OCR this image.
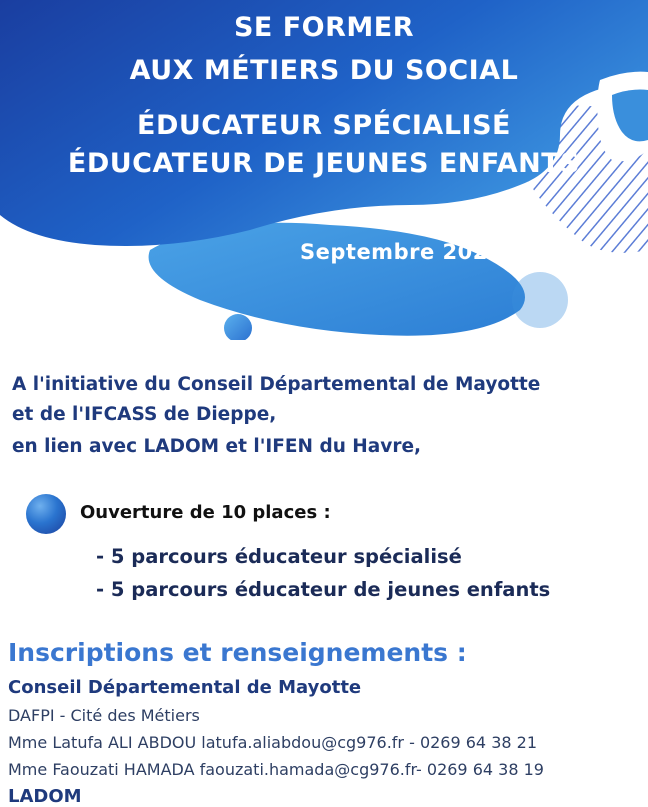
SE FORMER
AUX MÉTIERS DU SOCIAL
ÉDUCATEUR SPÉCIALISÉ
ÉDUCATEUR DE JEUNES ENFANTS
Septembre 2024
A l'initiative du Conseil Départemental de Mayotte
et de l'IFCASS de Dieppe,
en lien avec LADOM et l'IFEN du Havre,
Ouverture de 10 places :
- 5 parcours éducateur spécialisé
- 5 parcours éducateur de jeunes enfants
Inscriptions et renseignements :
Conseil Départemental de Mayotte
DAFPI - Cité des Métiers
Mme Latufa ALI ABDOU latufa.aliabdou@cg976.fr - 0269 64 38 21
Mme Faouzati HAMADA faouzati.hamada@cg976.fr- 0269 64 38 19
LADOM
